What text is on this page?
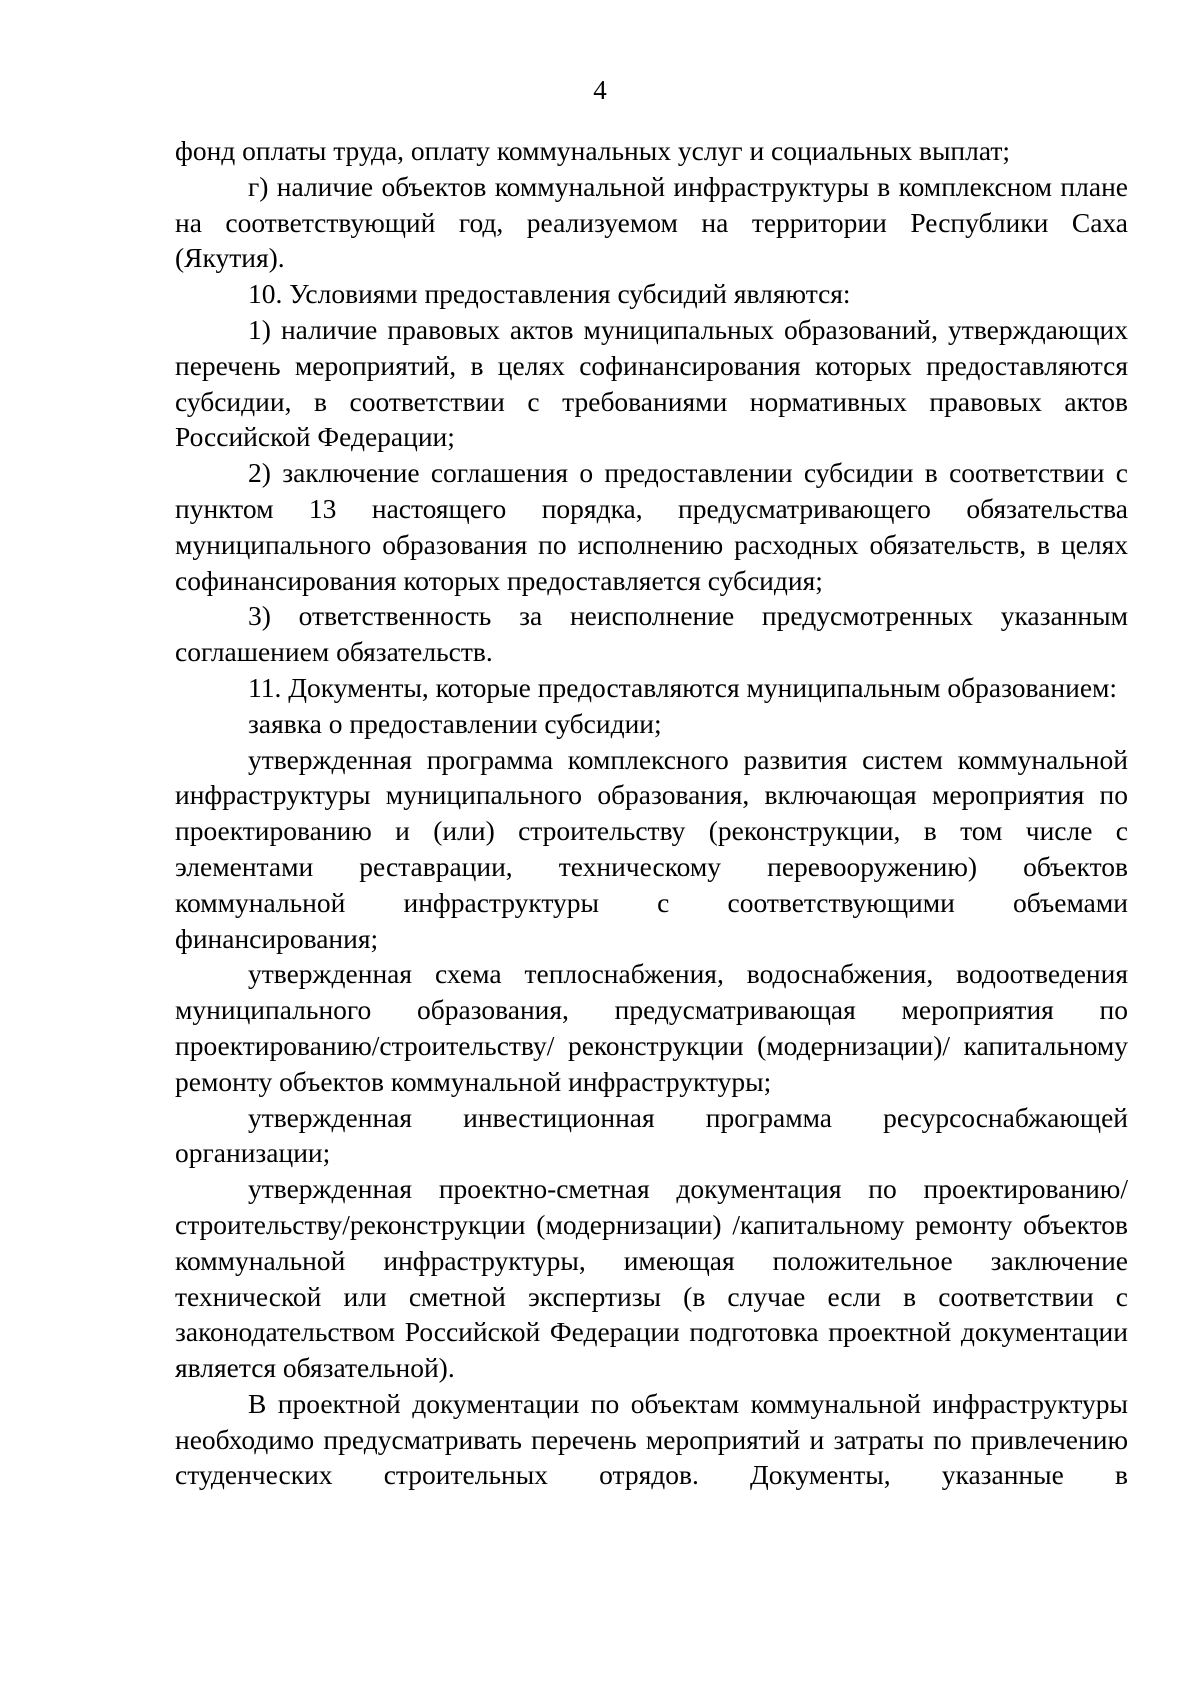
4

фонд оплаты труда, оплату коммунальных услуг и социальных выплат;

г) наличие объектов коммунальной инфраструктуры в комплексном плане на соответствующий год, реализуемом на территории Республики Саха (Якутия).

10. Условиями предоставления субсидий являются:

1) наличие правовых актов муниципальных образований, утверждающих перечень мероприятий, в целях софинансирования которых предоставляются субсидии, в соответствии с требованиями нормативных правовых актов Российской Федерации;

2) заключение соглашения о предоставлении субсидии в соответствии с пунктом 13 настоящего порядка, предусматривающего обязательства муниципального образования по исполнению расходных обязательств, в целях софинансирования которых предоставляется субсидия;

3) ответственность за неисполнение предусмотренных указанным соглашением обязательств.

11. Документы, которые предоставляются муниципальным образованием:

заявка о предоставлении субсидии;

утвержденная программа комплексного развития систем коммунальной инфраструктуры муниципального образования, включающая мероприятия по проектированию и (или) строительству (реконструкции, в том числе с элементами реставрации, техническому перевооружению) объектов коммунальной инфраструктуры с соответствующими объемами финансирования;

утвержденная схема теплоснабжения, водоснабжения, водоотведения муниципального образования, предусматривающая мероприятия по проектированию/строительству/ реконструкции (модернизации)/ капитальному ремонту объектов коммунальной инфраструктуры;

утвержденная инвестиционная программа ресурсоснабжающей организации;

утвержденная проектно-сметная документация по проектированию/строительству/реконструкции (модернизации) /капитальному ремонту объектов коммунальной инфраструктуры, имеющая положительное заключение технической или сметной экспертизы (в случае если в соответствии с законодательством Российской Федерации подготовка проектной документации является обязательной).

В проектной документации по объектам коммунальной инфраструктуры необходимо предусматривать перечень мероприятий и затраты по привлечению студенческих строительных отрядов. Документы, указанные в
